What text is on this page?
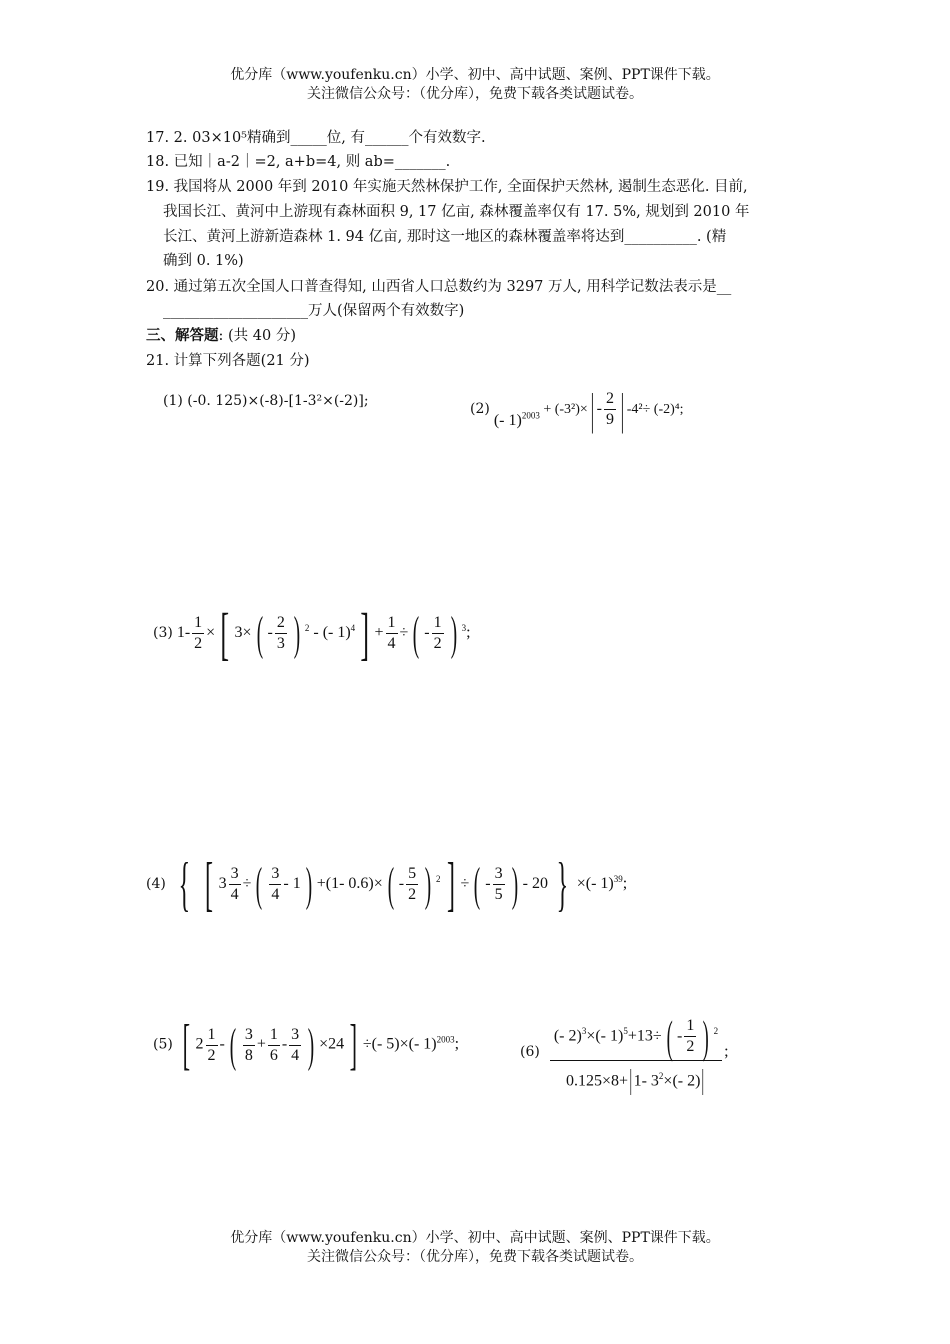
优分库（www.youfenku.cn）小学、初中、高中试题、案例、PPT课件下载。
关注微信公众号：（优分库），免费下载各类试题试卷。
17. 2. 03×10⁵精确到_____位, 有______个有效数字.
18. 已知｜a-2｜=2, a+b=4, 则 ab=_______.
19. 我国将从 2000 年到 2010 年实施天然林保护工作, 全面保护天然林, 遏制生态恶化. 目前,
我国长江、黄河中上游现有森林面积 9, 17 亿亩, 森林覆盖率仅有 17. 5%, 规划到 2010 年
长江、黄河上游新造森林 1. 94 亿亩, 那时这一地区的森林覆盖率将达到__________. (精
确到 0. 1%)
20. 通过第五次全国人口普查得知, 山西省人口总数约为 3297 万人, 用科学记数法表示是__
____________________万人(保留两个有效数字)
三、解答题: (共 40 分)
21. 计算下列各题(21 分)
(1) (-0. 125)×(-8)-[1-3²×(-2)];
(2) (- $1)^{2003} + (-3^2)\times| - \frac{2}{9}$ | -4²÷ (-2)⁴;
(3) $1- \frac{1}{2}$ ×[ $3\times( - \frac{2}{3}$ ) $^2$ - (- $1)^4] + \frac{1}{4}$ ÷( - $\frac{1}{2}$ ) $^3$;
(4) { [ $3 \frac{3}{4}$ ÷( $\frac{3}{4} - 1) +(1-$ $0.6)\times( - \frac{5}{2}$ ) $^2$] ÷( - $\frac{3}{5}$ ) - 20 } ×(- 1)$^{39}$;
(5) [ $2 \frac{1}{2}$ -( $\frac{3}{8} + \frac{1}{6} - \frac{3}{4}$ ) ×24] ÷(- 5)×(- 1)$^{2003}$;	$(6) \frac{(- 2)^3\times(- 1)^5+13\div( - \frac{1}{2} ) ^2}{0.125\times 8+|1- 3^2\times(- 2)|}$ ;
优分库（www.youfenku.cn）小学、初中、高中试题、案例、PPT课件下载。
关注微信公众号：（优分库），免费下载各类试题试卷。
